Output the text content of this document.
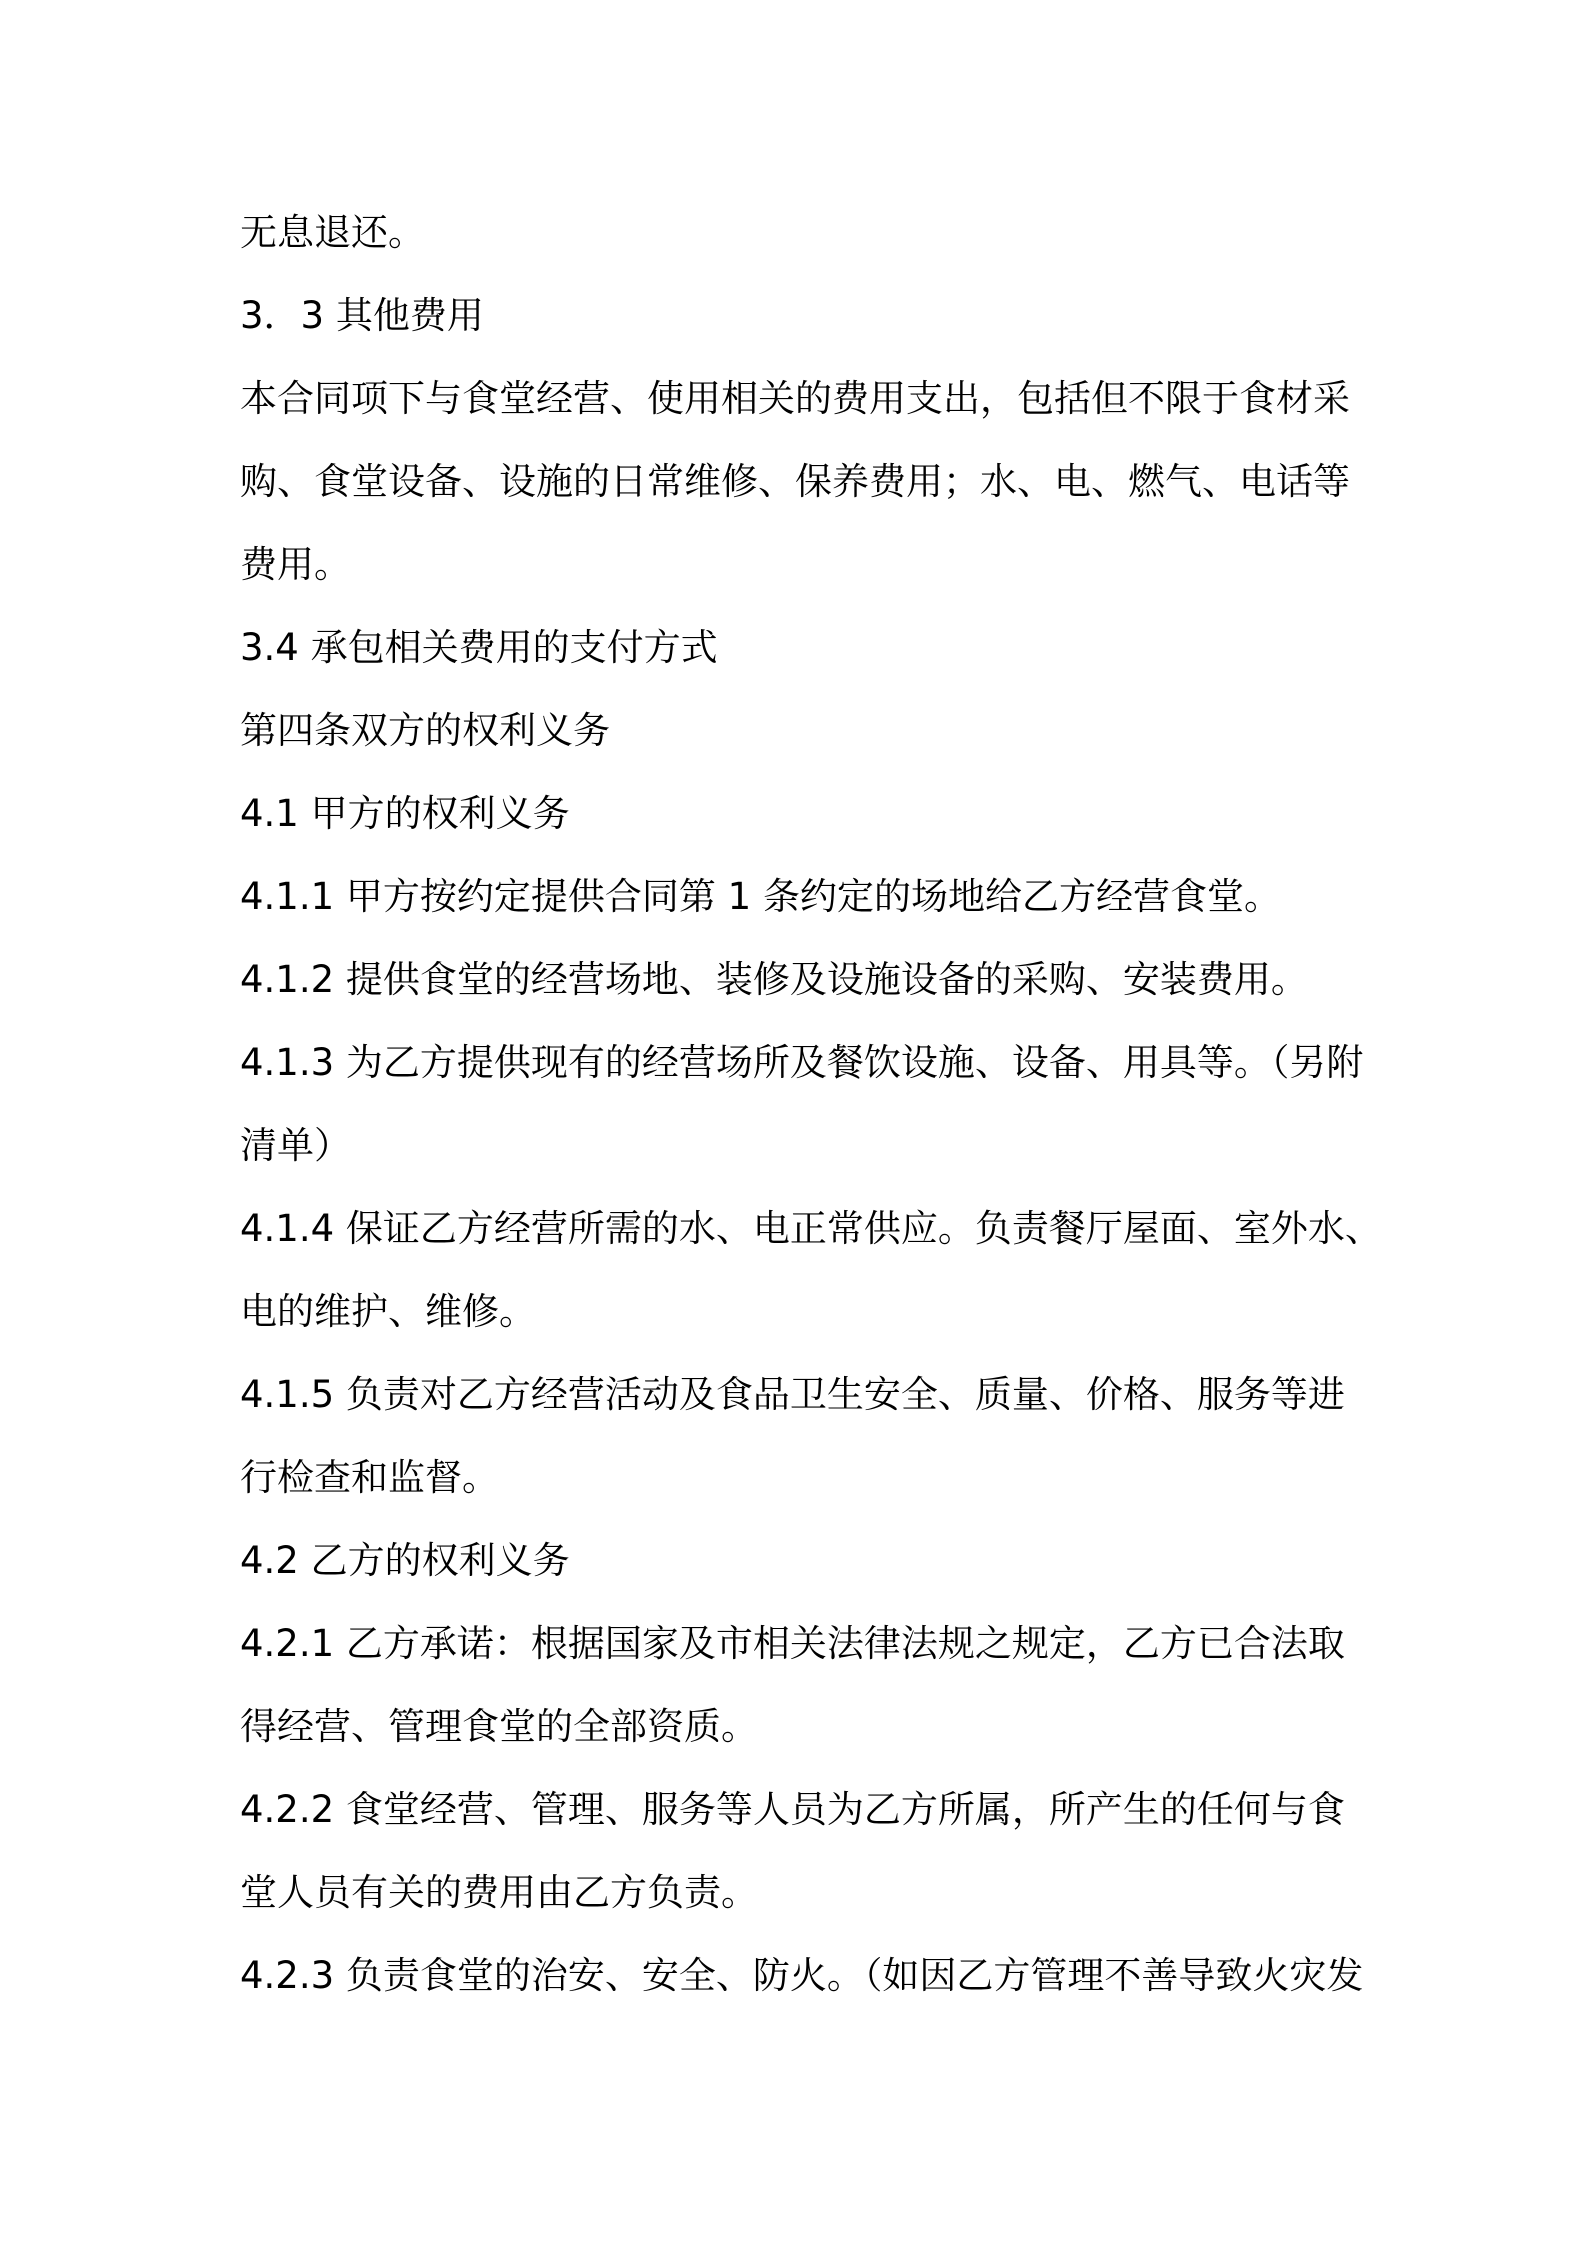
无息退还。
3．3 其他费用
本合同项下与食堂经营、使用相关的费用支出，包括但不限于食材采
购、食堂设备、设施的日常维修、保养费用；水、电、燃气、电话等
费用。
3.4 承包相关费用的支付方式
第四条双方的权利义务
4.1 甲方的权利义务
4.1.1 甲方按约定提供合同第 1 条约定的场地给乙方经营食堂。
4.1.2 提供食堂的经营场地、装修及设施设备的采购、安装费用。
4.1.3 为乙方提供现有的经营场所及餐饮设施、设备、用具等。（另附
清单）
4.1.4 保证乙方经营所需的水、电正常供应。负责餐厅屋面、室外水、
电的维护、维修。
4.1.5 负责对乙方经营活动及食品卫生安全、质量、价格、服务等进
行检查和监督。
4.2 乙方的权利义务
4.2.1 乙方承诺：根据国家及市相关法律法规之规定，乙方已合法取
得经营、管理食堂的全部资质。
4.2.2 食堂经营、管理、服务等人员为乙方所属，所产生的任何与食
堂人员有关的费用由乙方负责。
4.2.3 负责食堂的治安、安全、防火。（如因乙方管理不善导致火灾发
